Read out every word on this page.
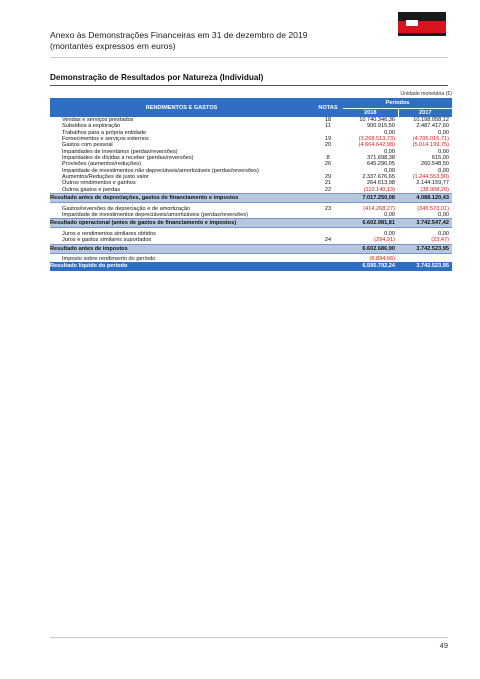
Anexo às Demonstrações Financeiras em 31 de dezembro de 2019
(montantes expressos em euros)
Demonstração de Resultados por Natureza (Individual)
Unidade monetária (€)
RENDIMENTOS E GASTOS	NOTAS	Períodos	
		2018	2017
Vendas e serviços prestados	18	10.740.346,36	10.198.058,12
Subsídios à exploração	11	900.915,50	2.487.417,60
Trabalhos para a própria entidade		0,00	0,00
Fornecimentos e serviços externos	19	(3.268.513,73)	(4.705.016,71)
Gastos com pessoal	20	(4.664.642,98)	(5.014.199,75)
Imparidades de inventários (perdas/reversões)		0,00	0,00
Imparidades de dívidas a receber (perdas/reversões)	8	371.698,38	615,00
Provisões (aumentos/reduções)	26	645.296,05	260.548,50
Imparidade de investimentos não depreciáveis/amortizáveis (perdas/reversões)		0,00	0,00
Aumentos/Reduções de justo valor	29	2.337.676,65	(1.244.553,90)
Outros rendimentos e ganhos	21	264.613,98	2.144.159,77
Outros gastos e perdas	22	(110.140,13)	(38.908,20)
Resultado antes de depreciações, gastos de financiamento e impostos		7.017.250,08	4.088.120,43

Gastos/reversões de depreciação e de amortização	23	(414.268,27)	(345.573,01)
Imparidade de investimentos depreciáveis/amortizáveis (perdas/reversões)		0,00	0,00
Resultado operacional (antes de gastos de financiamento e impostos)		6.602.981,81	3.742.547,42

Juros e rendimentos similares obtidos		0,00	0,00
Juros e gastos similares suportados	24	(294,91)	(23,47)
Resultado antes de impostos		6.602.686,90	3.742.523,95

Imposto sobre rendimento do período		(6.894,66)	
Resultado líquido do período		6.595.792,24	3.742.523,95
49
